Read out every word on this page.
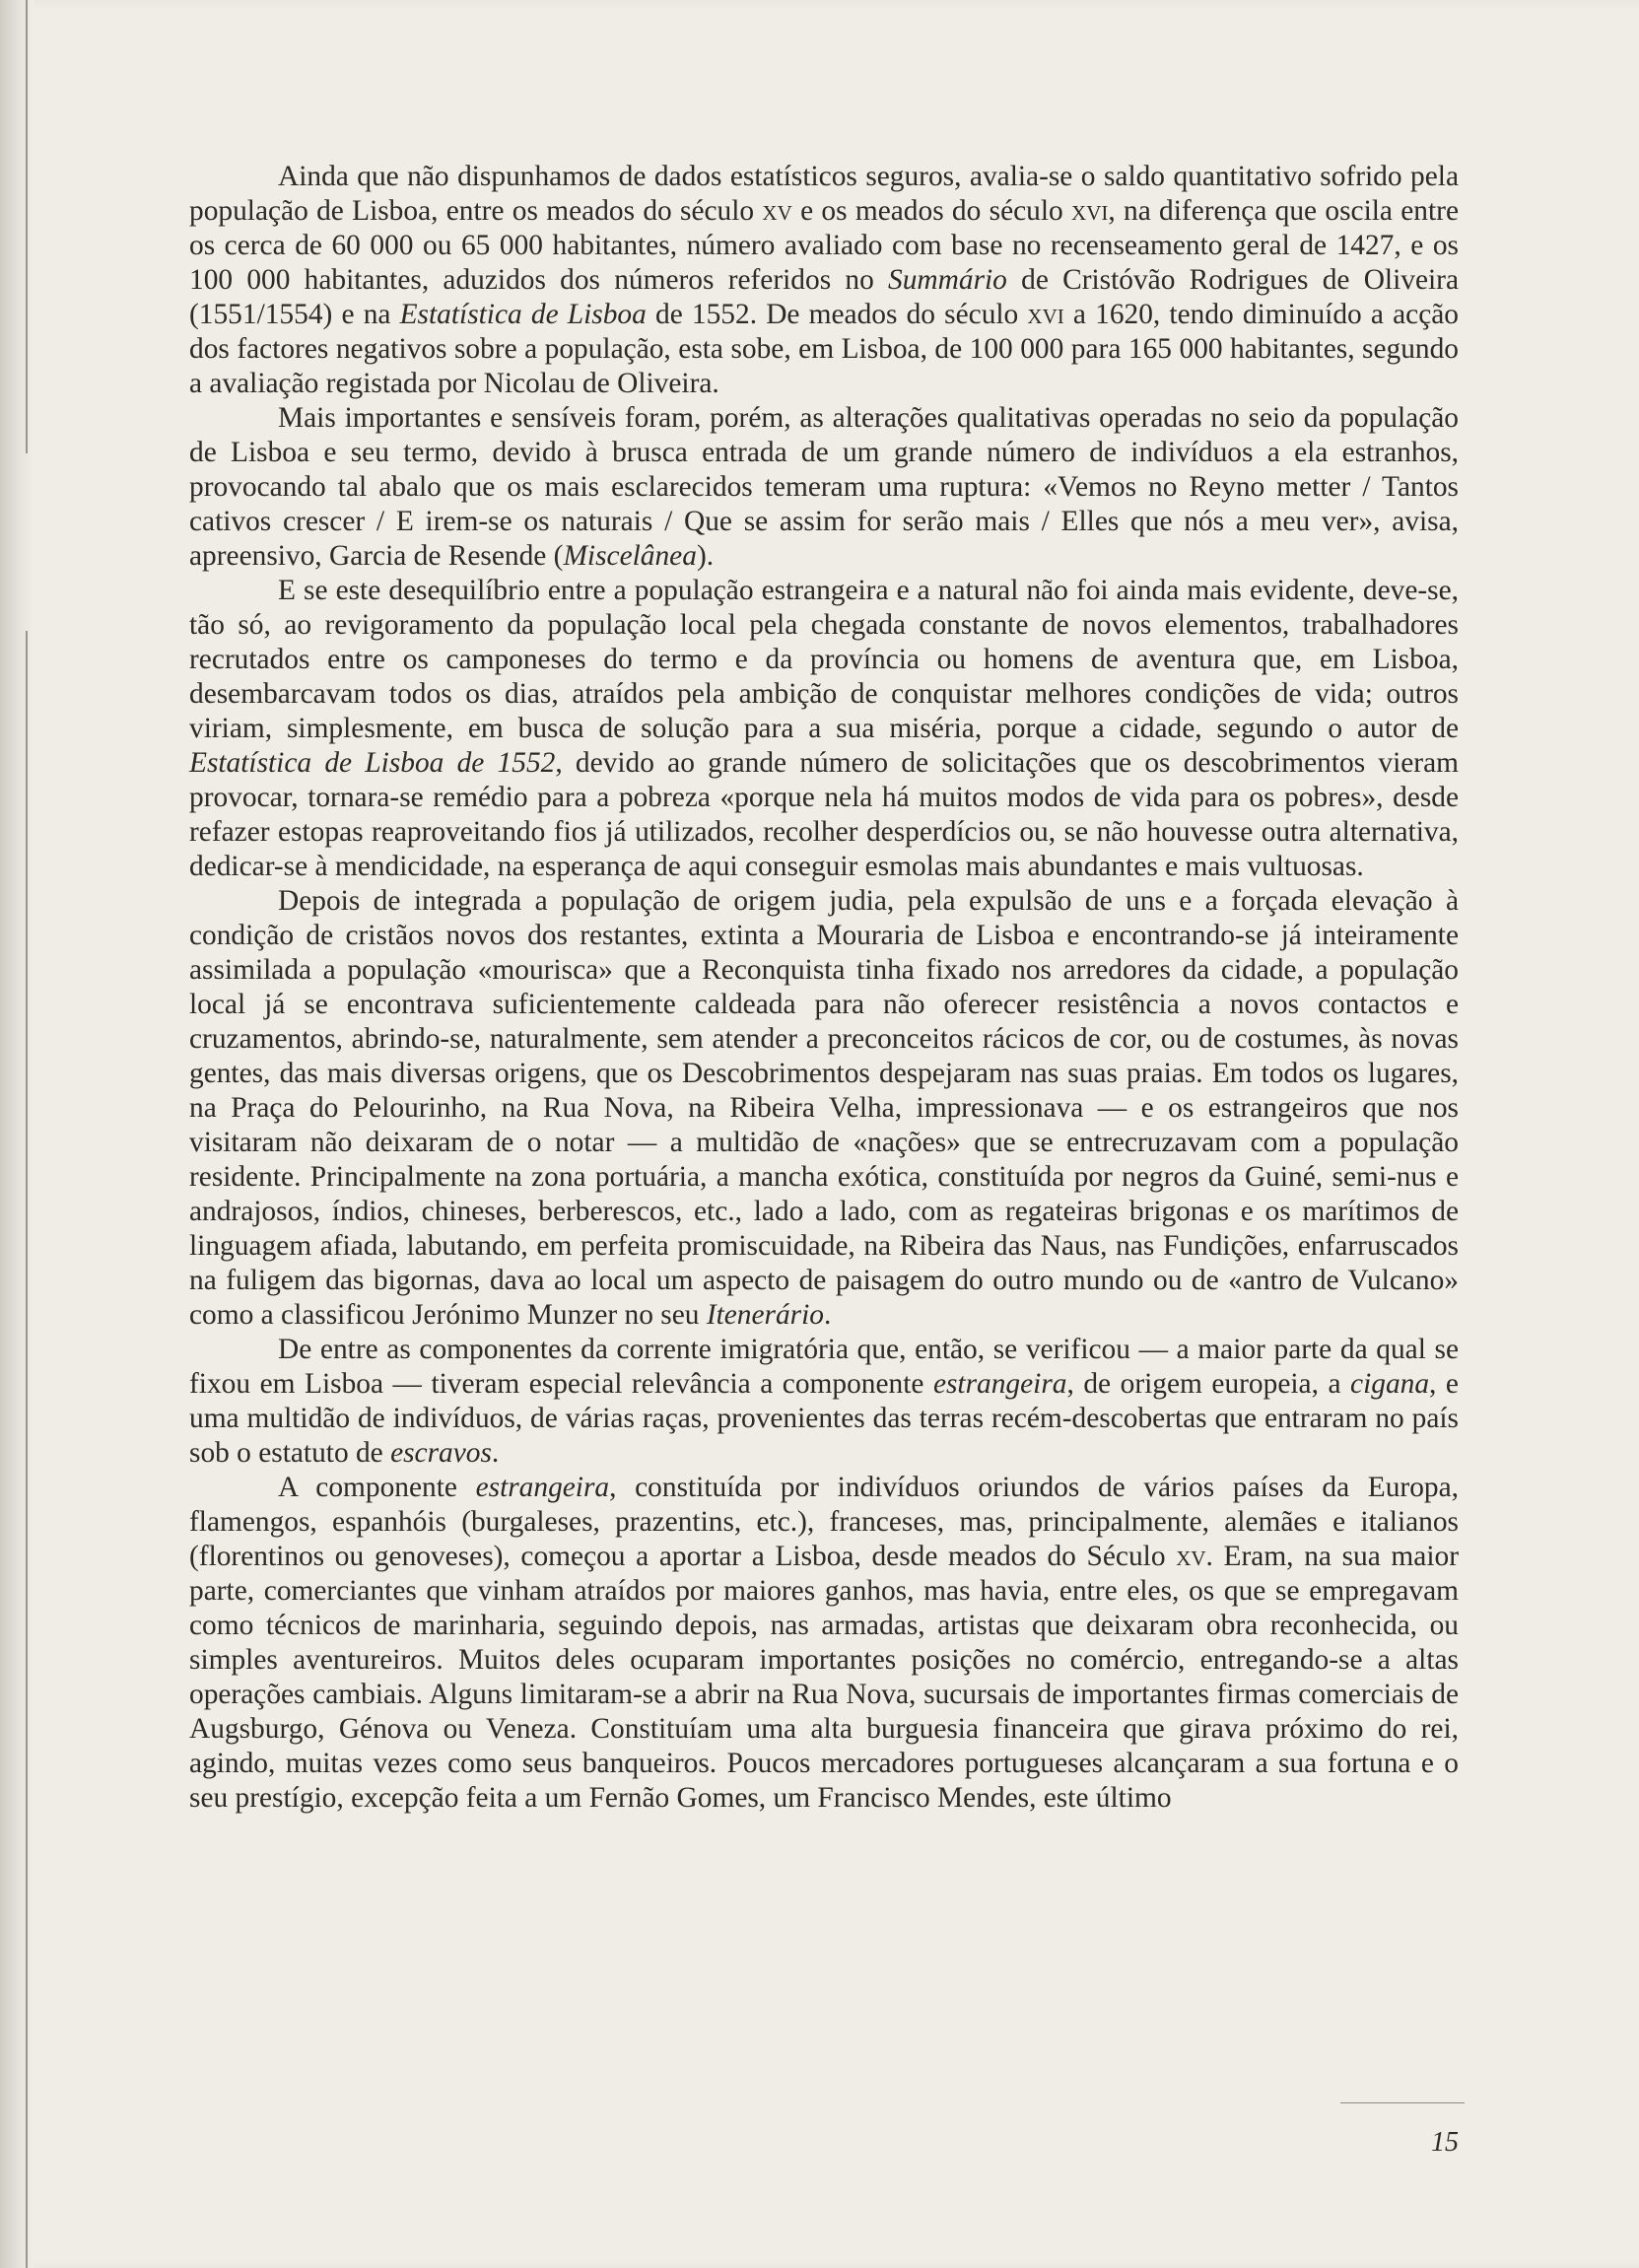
Ainda que não dispunhamos de dados estatísticos seguros, avalia-se o saldo quantitativo sofrido pela população de Lisboa, entre os meados do século xv e os meados do século xvi, na diferença que oscila entre os cerca de 60 000 ou 65 000 habitantes, número avaliado com base no recenseamento geral de 1427, e os 100 000 habitantes, aduzidos dos números referidos no Summário de Cristóvão Rodrigues de Oliveira (1551/1554) e na Estatística de Lisboa de 1552. De meados do século xvi a 1620, tendo diminuído a acção dos factores negativos sobre a população, esta sobe, em Lisboa, de 100 000 para 165 000 habitantes, segundo a avaliação registada por Nicolau de Oliveira.

Mais importantes e sensíveis foram, porém, as alterações qualitativas operadas no seio da população de Lisboa e seu termo, devido à brusca entrada de um grande número de indivíduos a ela estranhos, provocando tal abalo que os mais esclarecidos temeram uma ruptura: «Vemos no Reyno metter / Tantos cativos crescer / E irem-se os naturais / Que se assim for serão mais / Elles que nós a meu ver», avisa, apreensivo, Garcia de Resende (Miscelânea).

E se este desequilíbrio entre a população estrangeira e a natural não foi ainda mais evidente, deve-se, tão só, ao revigoramento da população local pela chegada constante de novos elementos, trabalhadores recrutados entre os camponeses do termo e da província ou homens de aventura que, em Lisboa, desembarcavam todos os dias, atraídos pela ambição de conquistar melhores condições de vida; outros viriam, simplesmente, em busca de solução para a sua miséria, porque a cidade, segundo o autor de Estatística de Lisboa de 1552, devido ao grande número de solicitações que os descobrimentos vieram provocar, tornara-se remédio para a pobreza «porque nela há muitos modos de vida para os pobres», desde refazer estopas reaproveitando fios já utilizados, recolher desperdícios ou, se não houvesse outra alternativa, dedicar-se à mendicidade, na esperança de aqui conseguir esmolas mais abundantes e mais vultuosas.

Depois de integrada a população de origem judia, pela expulsão de uns e a forçada elevação à condição de cristãos novos dos restantes, extinta a Mouraria de Lisboa e encontrando-se já inteiramente assimilada a população «mourisca» que a Reconquista tinha fixado nos arredores da cidade, a população local já se encontrava suficientemente caldeada para não oferecer resistência a novos contactos e cruzamentos, abrindo-se, naturalmente, sem atender a preconceitos rácicos de cor, ou de costumes, às novas gentes, das mais diversas origens, que os Descobrimentos despejaram nas suas praias. Em todos os lugares, na Praça do Pelourinho, na Rua Nova, na Ribeira Velha, impressionava — e os estrangeiros que nos visitaram não deixaram de o notar — a multidão de «nações» que se entrecruzavam com a população residente. Principalmente na zona portuária, a mancha exótica, constituída por negros da Guiné, semi-nus e andrajosos, índios, chineses, berberescos, etc., lado a lado, com as regateiras brigonas e os marítimos de linguagem afiada, labutando, em perfeita promiscuidade, na Ribeira das Naus, nas Fundições, enfarruscados na fuligem das bigornas, dava ao local um aspecto de paisagem do outro mundo ou de «antro de Vulcano» como a classificou Jerónimo Munzer no seu Itenerário.

De entre as componentes da corrente imigratória que, então, se verificou — a maior parte da qual se fixou em Lisboa — tiveram especial relevância a componente estrangeira, de origem europeia, a cigana, e uma multidão de indivíduos, de várias raças, provenientes das terras recém-descobertas que entraram no país sob o estatuto de escravos.

A componente estrangeira, constituída por indivíduos oriundos de vários países da Europa, flamengos, espanhóis (burgaleses, prazentins, etc.), franceses, mas, principalmente, alemães e italianos (florentinos ou genoveses), começou a aportar a Lisboa, desde meados do Século xv. Eram, na sua maior parte, comerciantes que vinham atraídos por maiores ganhos, mas havia, entre eles, os que se empregavam como técnicos de marinharia, seguindo depois, nas armadas, artistas que deixaram obra reconhecida, ou simples aventureiros. Muitos deles ocuparam importantes posições no comércio, entregando-se a altas operações cambiais. Alguns limitaram-se a abrir na Rua Nova, sucursais de importantes firmas comerciais de Augsburgo, Génova ou Veneza. Constituíam uma alta burguesia financeira que girava próximo do rei, agindo, muitas vezes como seus banqueiros. Poucos mercadores portugueses alcançaram a sua fortuna e o seu prestígio, excepção feita a um Fernão Gomes, um Francisco Mendes, este último

15
